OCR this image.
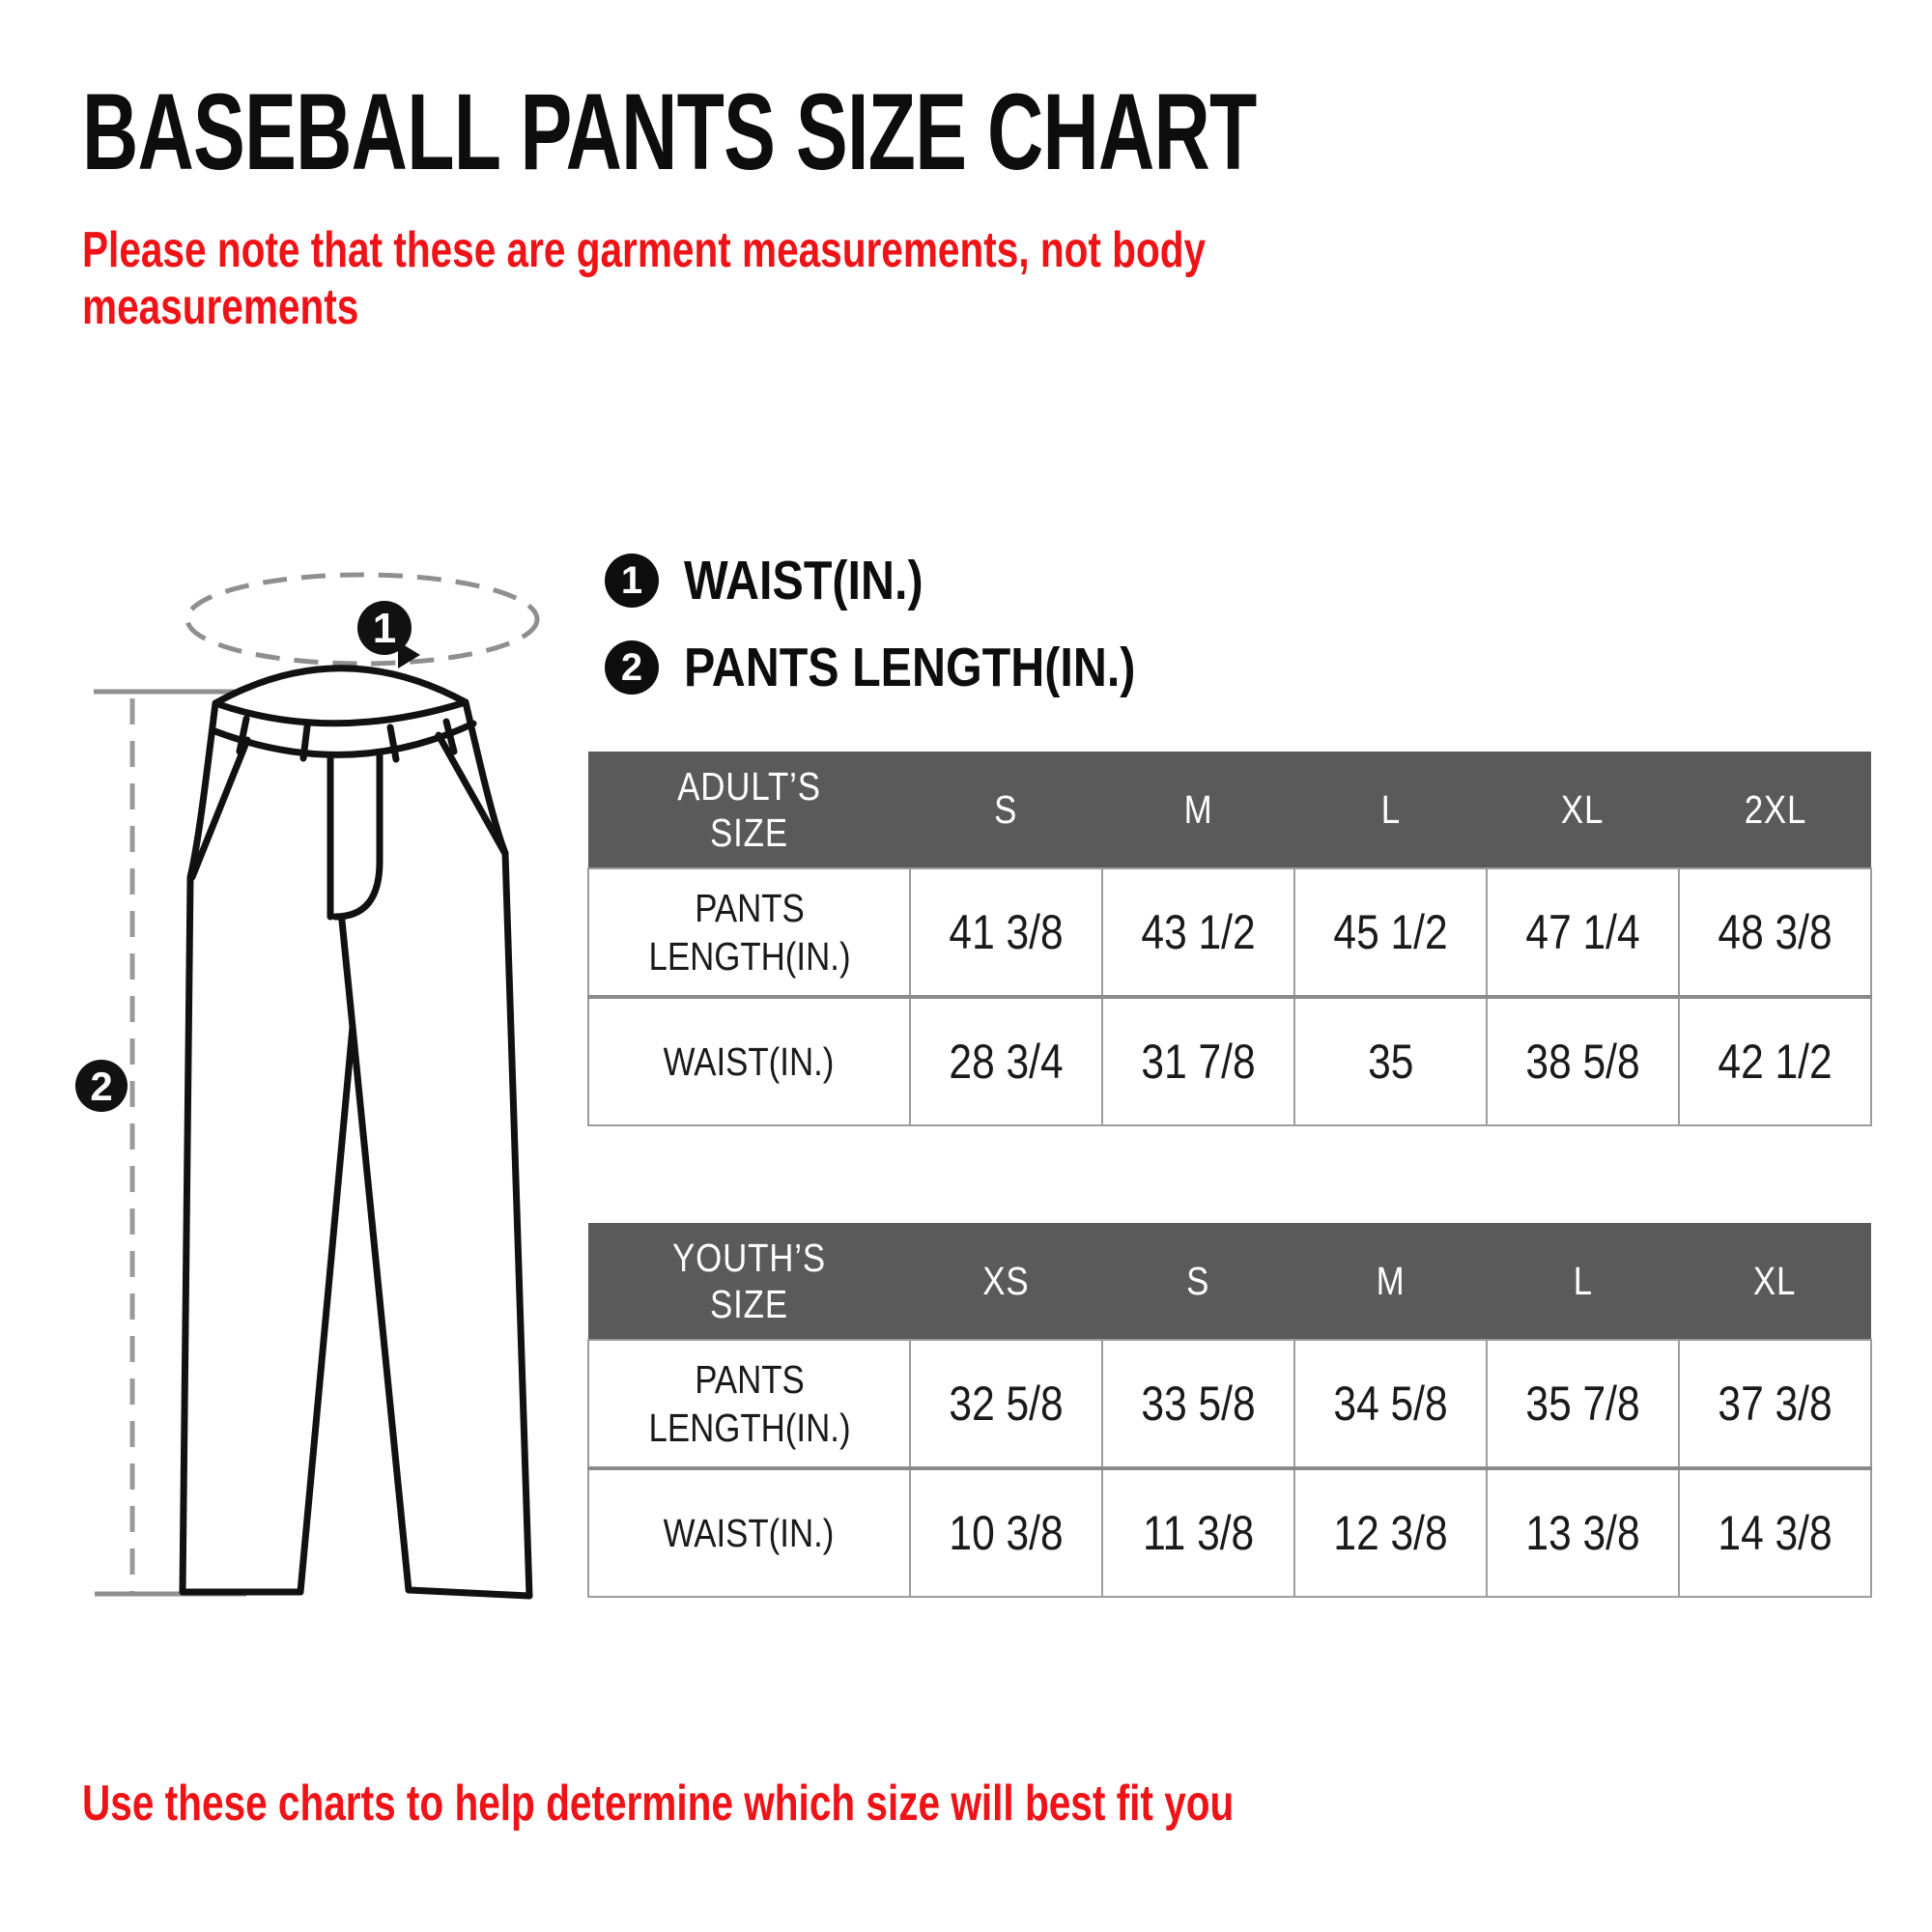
BASEBALL PANTS SIZE CHART
Please note that these are garment measurements, not body
measurements
1
2
1 WAIST(IN.)
2 PANTS LENGTH(IN.)
ADULT’S SIZE	S	M	L	XL	2XL
PANTS LENGTH(IN.)	41 3/8	43 1/2	45 1/2	47 1/4	48 3/8
WAIST(IN.)	28 3/4	31 7/8	35	38 5/8	42 1/2
YOUTH’S SIZE	XS	S	M	L	XL
PANTS LENGTH(IN.)	32 5/8	33 5/8	34 5/8	35 7/8	37 3/8
WAIST(IN.)	10 3/8	11 3/8	12 3/8	13 3/8	14 3/8
Use these charts to help determine which size will best fit you
